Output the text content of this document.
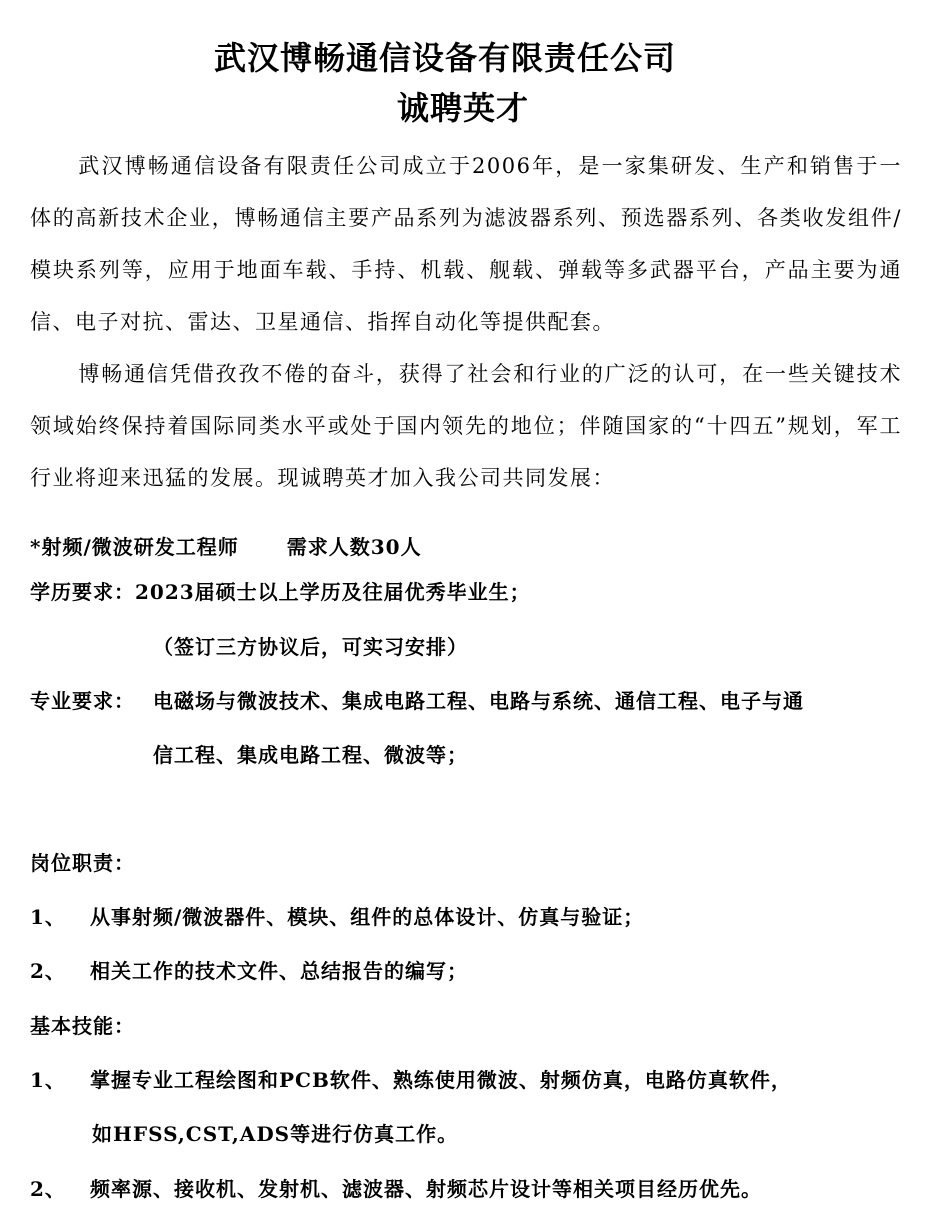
武汉博畅通信设备有限责任公司
诚聘英才

武汉博畅通信设备有限责任公司成立于2006年，是一家集研发、生产和销售于一体的高新技术企业，博畅通信主要产品系列为滤波器系列、预选器系列、各类收发组件/模块系列等，应用于地面车载、手持、机载、舰载、弹载等多武器平台，产品主要为通信、电子对抗、雷达、卫星通信、指挥自动化等提供配套。

博畅通信凭借孜孜不倦的奋斗，获得了社会和行业的广泛的认可，在一些关键技术领域始终保持着国际同类水平或处于国内领先的地位；伴随国家的“十四五”规划，军工行业将迎来迅猛的发展。现诚聘英才加入我公司共同发展：

*射频/微波研发工程师 需求人数30人
学历要求：2023届硕士以上学历及往届优秀毕业生；
（签订三方协议后，可实习安排）
专业要求： 电磁场与微波技术、集成电路工程、电路与系统、通信工程、电子与通
信工程、集成电路工程、微波等；
岗位职责：
1、 从事射频/微波器件、模块、组件的总体设计、仿真与验证；
2、 相关工作的技术文件、总结报告的编写；
基本技能：
1、 掌握专业工程绘图和PCB软件、熟练使用微波、射频仿真，电路仿真软件，
如HFSS,CST,ADS等进行仿真工作。
2、 频率源、接收机、发射机、滤波器、射频芯片设计等相关项目经历优先。
